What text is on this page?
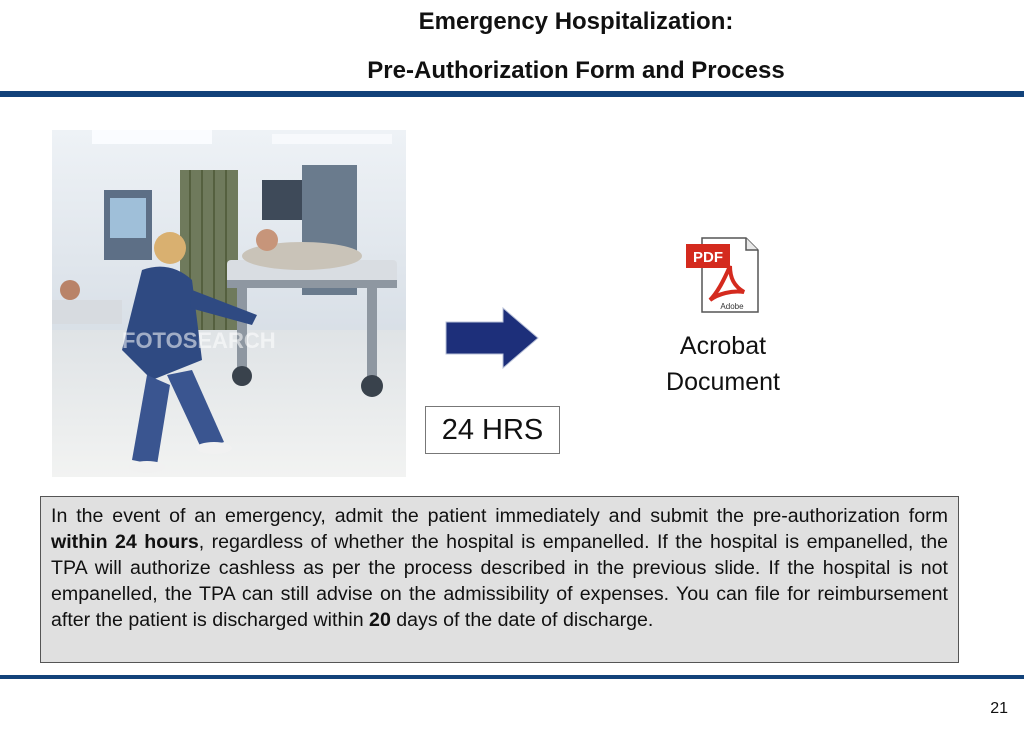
Emergency Hospitalization:
Pre-Authorization Form and Process
FOTOSEARCH
24 HRS
PDF
Adobe
Acrobat
Document
In the event of an emergency, admit the patient immediately and submit the pre-authorization form within 24 hours, regardless of whether the hospital is empanelled. If the hospital is empanelled, the TPA will authorize cashless as per the process described in the previous slide. If the hospital is not empanelled, the TPA can still advise on the admissibility of expenses. You can file for reimbursement after the patient is discharged within 20 days of the date of discharge.
21
